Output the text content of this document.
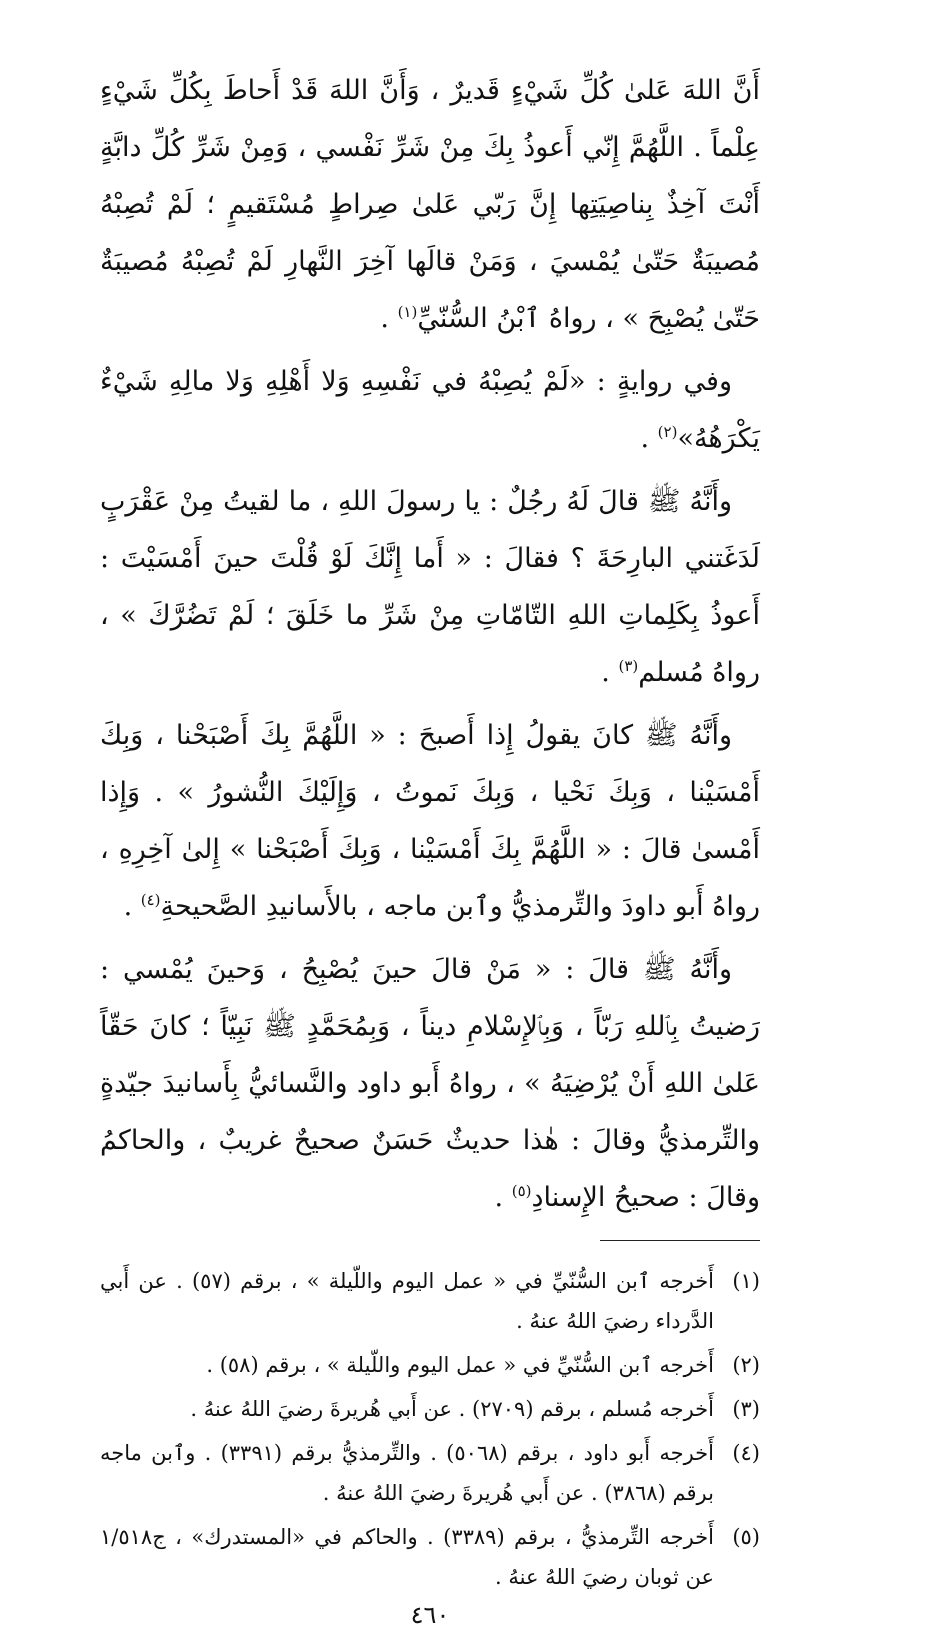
أَنَّ اللهَ عَلىٰ كُلِّ شَيْءٍ قَديرٌ ، وَأَنَّ اللهَ قَدْ أَحاطَ بِكُلِّ شَيْءٍ عِلْماً . اللَّهُمَّ إِنّي أَعوذُ بِكَ مِنْ شَرِّ نَفْسي ، وَمِنْ شَرِّ كُلِّ دابَّةٍ أَنْتَ آخِذٌ بِناصِيَتِها إِنَّ رَبّي عَلىٰ صِراطٍ مُسْتَقيمٍ ؛ لَمْ تُصِبْهُ مُصيبَةٌ حَتّىٰ يُمْسيَ ، وَمَنْ قالَها آخِرَ النَّهارِ لَمْ تُصِبْهُ مُصيبَةٌ حَتّىٰ يُصْبِحَ » ، رواهُ ٱبْنُ السُّنّيِّ$^{(١)}$ .

وفي روايةٍ : «لَمْ يُصِبْهُ في نَفْسِهِ وَلا أَهْلِهِ وَلا مالِهِ شَيْءٌ يَكْرَهُهُ»$^{(٢)}$ .

وأَنَّهُ ﷺ قالَ لَهُ رجُلٌ : يا رسولَ اللهِ ، ما لقيتُ مِنْ عَقْرَبٍ لَدَغَتني البارِحَةَ ؟ فقالَ : « أَما إِنَّكَ لَوْ قُلْتَ حينَ أَمْسَيْتَ : أَعوذُ بِكَلِماتِ اللهِ التّامّاتِ مِنْ شَرِّ ما خَلَقَ ؛ لَمْ تَضُرَّكَ » ، رواهُ مُسلم$^{(٣)}$ .

وأَنَّهُ ﷺ كانَ يقولُ إِذا أَصبحَ : « اللَّهُمَّ بِكَ أَصْبَحْنا ، وَبِكَ أَمْسَيْنا ، وَبِكَ نَحْيا ، وَبِكَ نَموتُ ، وَإِلَيْكَ النُّشورُ » . وَإِذا أَمْسىٰ قالَ : « اللَّهُمَّ بِكَ أَمْسَيْنا ، وَبِكَ أَصْبَحْنا » إِلىٰ آخِرِهِ ، رواهُ أَبو داودَ والتِّرمذيُّ وٱبن ماجه ، بالأَسانيدِ الصَّحيحةِ$^{(٤)}$ .

وأَنَّهُ ﷺ قالَ : « مَنْ قالَ حينَ يُصْبِحُ ، وَحينَ يُمْسي : رَضيتُ بِٱللهِ رَبّاً ، وَبِٱلإِسْلامِ ديناً ، وَبِمُحَمَّدٍ ﷺ نَبِيّاً ؛ كانَ حَقّاً عَلىٰ اللهِ أَنْ يُرْضِيَهُ » ، رواهُ أَبو داود والنَّسائيُّ بِأَسانيدَ جيّدةٍ والتِّرمذيُّ وقالَ : هٰذا حديثٌ حَسَنٌ صحيحٌ غريبٌ ، والحاكمُ وقالَ : صحيحُ الإِسنادِ$^{(٥)}$ .

(١)
أَخرجه ٱبن السُّنّيِّ في « عمل اليوم واللّيلة » ، برقم (٥٧) . عن أَبي الدَّرداء رضيَ اللهُ عنهُ .
(٢)
أَخرجه ٱبن السُّنّيِّ في « عمل اليوم واللّيلة » ، برقم (٥٨) .
(٣)
أَخرجه مُسلم ، برقم (٢٧٠٩) . عن أَبي هُريرةَ رضيَ اللهُ عنهُ .
(٤)
أَخرجه أَبو داود ، برقم (٥٠٦٨) . والتِّرمذيُّ برقم (٣٣٩١) . وٱبن ماجه برقم (٣٨٦٨) . عن أَبي هُريرةَ رضيَ اللهُ عنهُ .
(٥)
أَخرجه التِّرمذيُّ ، برقم (٣٣٨٩) . والحاكم في «المستدرك» ، ج١/٥١٨ عن ثوبان رضيَ اللهُ عنهُ .
٤٦٠
